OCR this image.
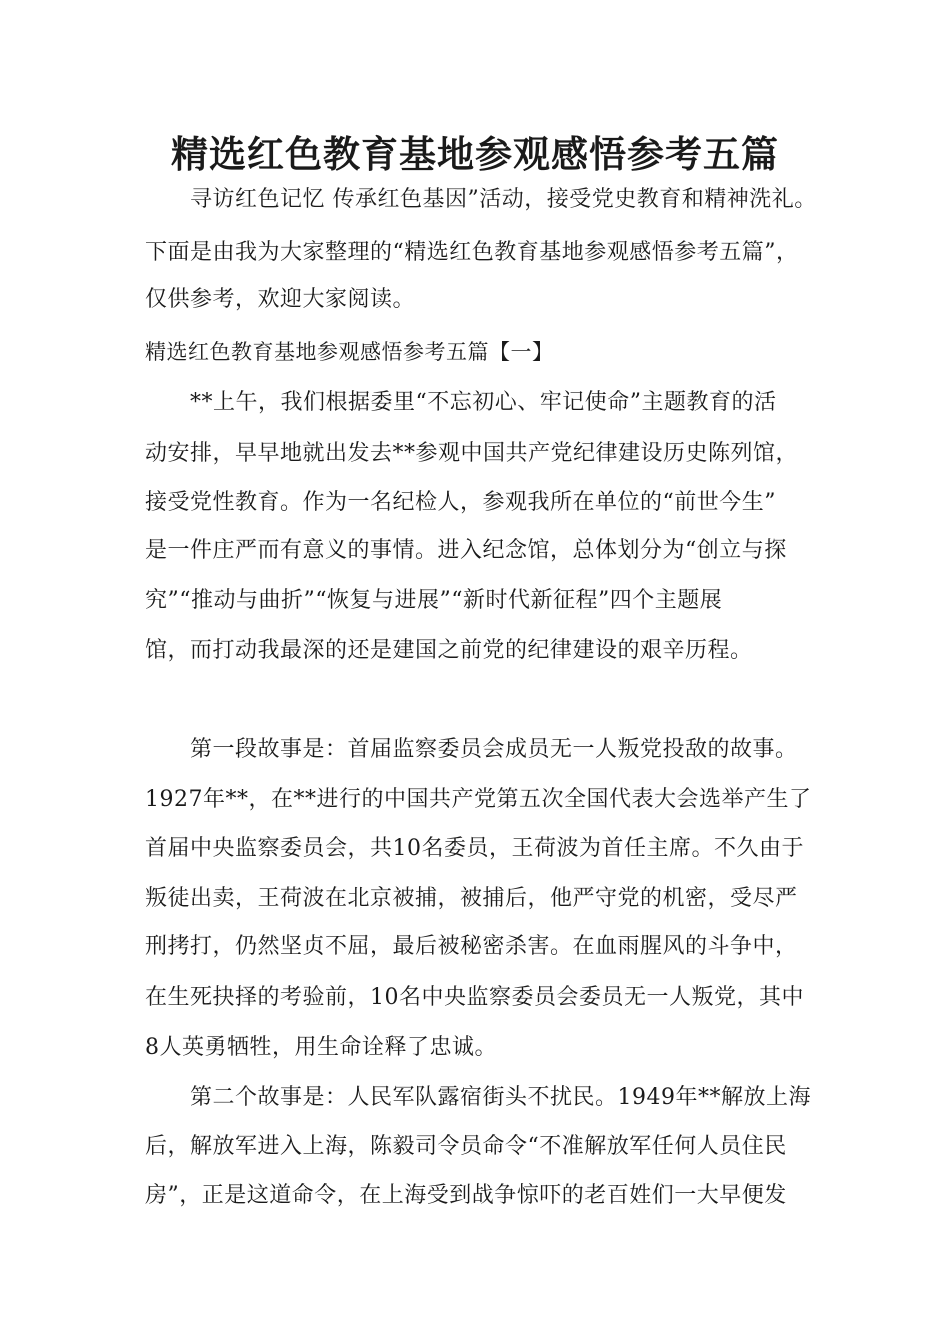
精选红色教育基地参观感悟参考五篇
寻访红色记忆 传承红色基因”活动，接受党史教育和精神洗礼。
下面是由我为大家整理的“精选红色教育基地参观感悟参考五篇”，
仅供参考，欢迎大家阅读。
精选红色教育基地参观感悟参考五篇【一】
**上午，我们根据委里“不忘初心、牢记使命”主题教育的活
动安排，早早地就出发去**参观中国共产党纪律建设历史陈列馆，
接受党性教育。作为一名纪检人，参观我所在单位的“前世今生”
是一件庄严而有意义的事情。进入纪念馆，总体划分为“创立与探
究”“推动与曲折”“恢复与进展”“新时代新征程”四个主题展
馆，而打动我最深的还是建国之前党的纪律建设的艰辛历程。
第一段故事是：首届监察委员会成员无一人叛党投敌的故事。
1927年**，在**进行的中国共产党第五次全国代表大会选举产生了
首届中央监察委员会，共10名委员，王荷波为首任主席。不久由于
叛徒出卖，王荷波在北京被捕，被捕后，他严守党的机密，受尽严
刑拷打，仍然坚贞不屈，最后被秘密杀害。在血雨腥风的斗争中，
在生死抉择的考验前，10名中央监察委员会委员无一人叛党，其中
8人英勇牺牲，用生命诠释了忠诚。
第二个故事是：人民军队露宿街头不扰民。1949年**解放上海
后，解放军进入上海，陈毅司令员命令“不准解放军任何人员住民
房”，正是这道命令，在上海受到战争惊吓的老百姓们一大早便发
